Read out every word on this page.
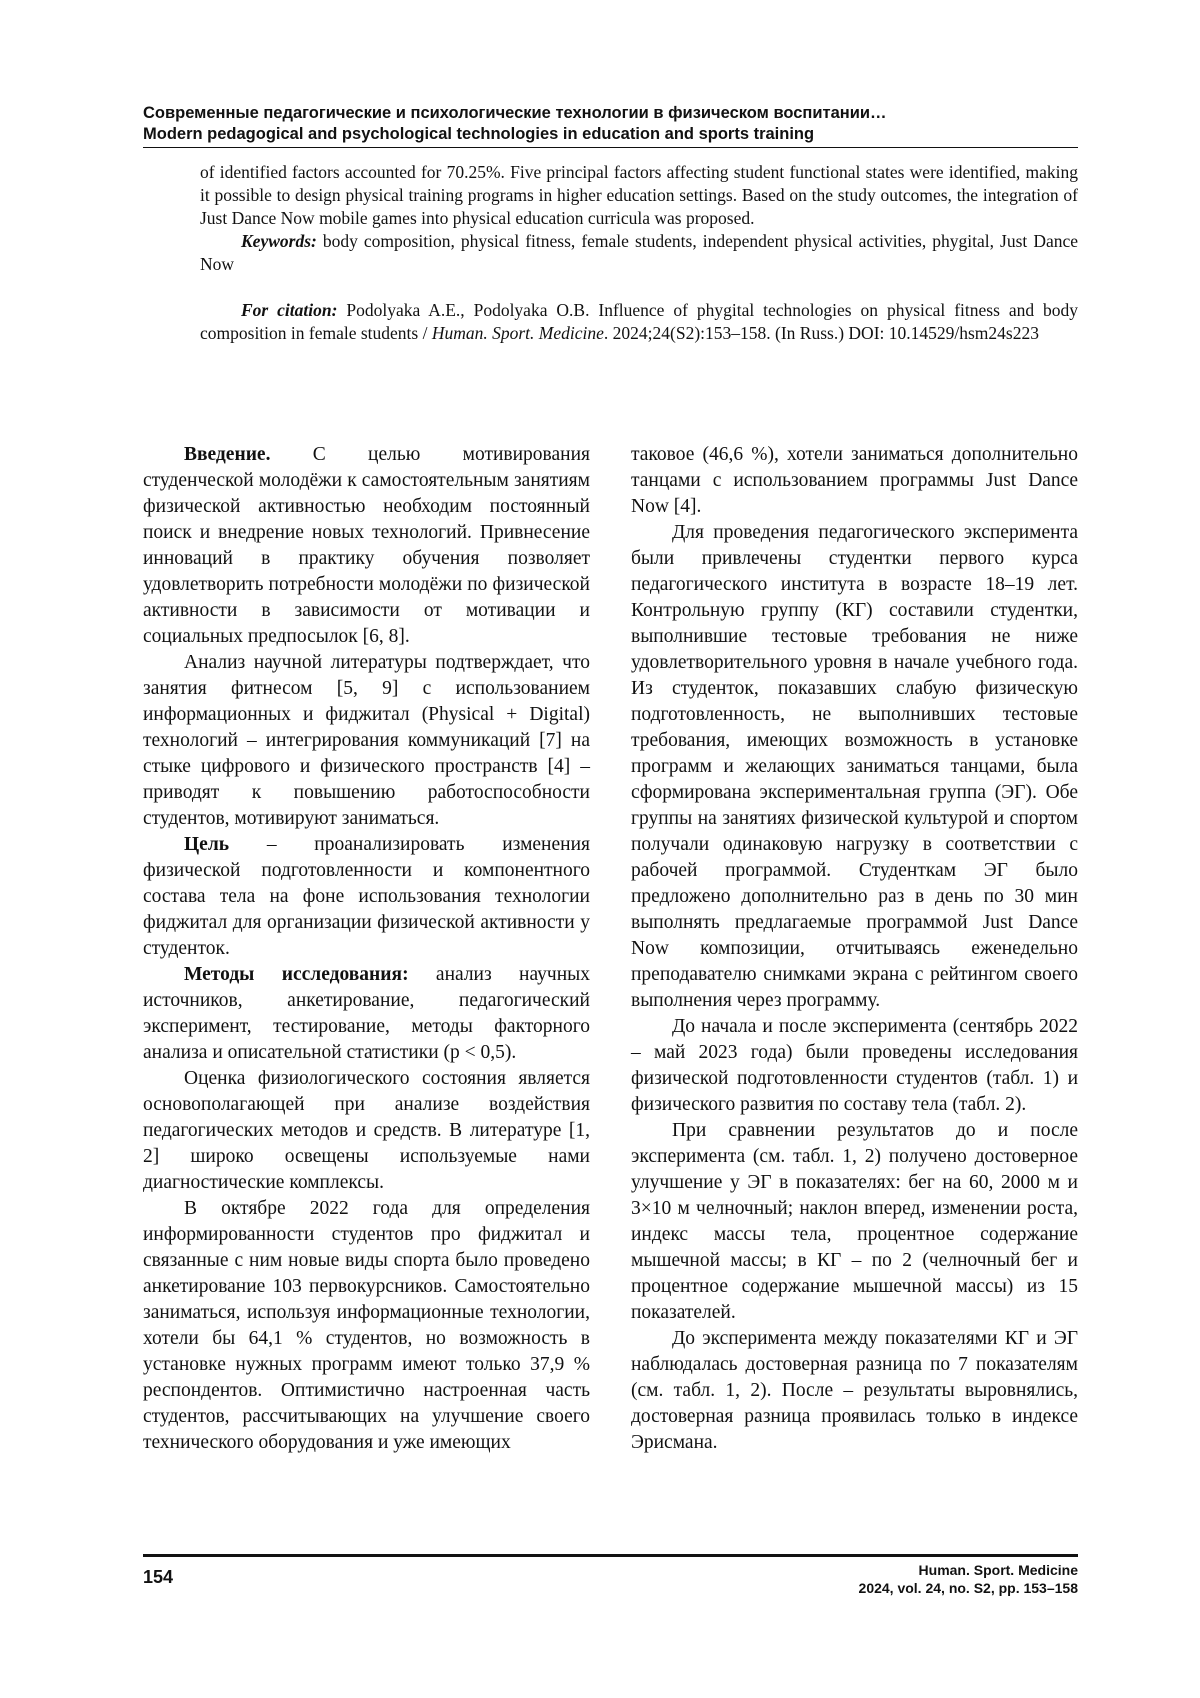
Современные педагогические и психологические технологии в физическом воспитании…
Modern pedagogical and psychological technologies in education and sports training

of identified factors accounted for 70.25%. Five principal factors affecting student functional states were identified, making it possible to design physical training programs in higher education settings. Based on the study outcomes, the integration of Just Dance Now mobile games into physical education curricula was proposed.

Keywords: body composition, physical fitness, female students, independent physical activities, phygital, Just Dance Now

For citation: Podolyaka A.E., Podolyaka O.B. Influence of phygital technologies on physical fitness and body composition in female students / Human. Sport. Medicine. 2024;24(S2):153–158. (In Russ.) DOI: 10.14529/hsm24s223

Введение. С целью мотивирования студенческой молодёжи к самостоятельным занятиям физической активностью необходим постоянный поиск и внедрение новых технологий. Привнесение инноваций в практику обучения позволяет удовлетворить потребности молодёжи по физической активности в зависимости от мотивации и социальных предпосылок [6, 8].

Анализ научной литературы подтверждает, что занятия фитнесом [5, 9] с использованием информационных и фиджитал (Physical + Digital) технологий – интегрирования коммуникаций [7] на стыке цифрового и физического пространств [4] – приводят к повышению работоспособности студентов, мотивируют заниматься.

Цель – проанализировать изменения физической подготовленности и компонентного состава тела на фоне использования технологии фиджитал для организации физической активности у студенток.

Методы исследования: анализ научных источников, анкетирование, педагогический эксперимент, тестирование, методы факторного анализа и описательной статистики (p < 0,5).

Оценка физиологического состояния является основополагающей при анализе воздействия педагогических методов и средств. В литературе [1, 2] широко освещены используемые нами диагностические комплексы.

В октябре 2022 года для определения информированности студентов про фиджитал и связанные с ним новые виды спорта было проведено анкетирование 103 первокурсников. Самостоятельно заниматься, используя информационные технологии, хотели бы 64,1 % студентов, но возможность в установке нужных программ имеют только 37,9 % респондентов. Оптимистично настроенная часть студентов, рассчитывающих на улучшение своего технического оборудования и уже имеющих

таковое (46,6 %), хотели заниматься дополнительно танцами с использованием программы Just Dance Now [4].

Для проведения педагогического эксперимента были привлечены студентки первого курса педагогического института в возрасте 18–19 лет. Контрольную группу (КГ) составили студентки, выполнившие тестовые требования не ниже удовлетворительного уровня в начале учебного года. Из студенток, показавших слабую физическую подготовленность, не выполнивших тестовые требования, имеющих возможность в установке программ и желающих заниматься танцами, была сформирована экспериментальная группа (ЭГ). Обе группы на занятиях физической культурой и спортом получали одинаковую нагрузку в соответствии с рабочей программой. Студенткам ЭГ было предложено дополнительно раз в день по 30 мин выполнять предлагаемые программой Just Dance Now композиции, отчитываясь еженедельно преподавателю снимками экрана с рейтингом своего выполнения через программу.

До начала и после эксперимента (сентябрь 2022 – май 2023 года) были проведены исследования физической подготовленности студентов (табл. 1) и физического развития по составу тела (табл. 2).

При сравнении результатов до и после эксперимента (см. табл. 1, 2) получено достоверное улучшение у ЭГ в показателях: бег на 60, 2000 м и 3×10 м челночный; наклон вперед, изменении роста, индекс массы тела, процентное содержание мышечной массы; в КГ – по 2 (челночный бег и процентное содержание мышечной массы) из 15 показателей.

До эксперимента между показателями КГ и ЭГ наблюдалась достоверная разница по 7 показателям (см. табл. 1, 2). После – результаты выровнялись, достоверная разница проявилась только в индексе Эрисмана.

154	Human. Sport. Medicine
2024, vol. 24, no. S2, pp. 153–158
